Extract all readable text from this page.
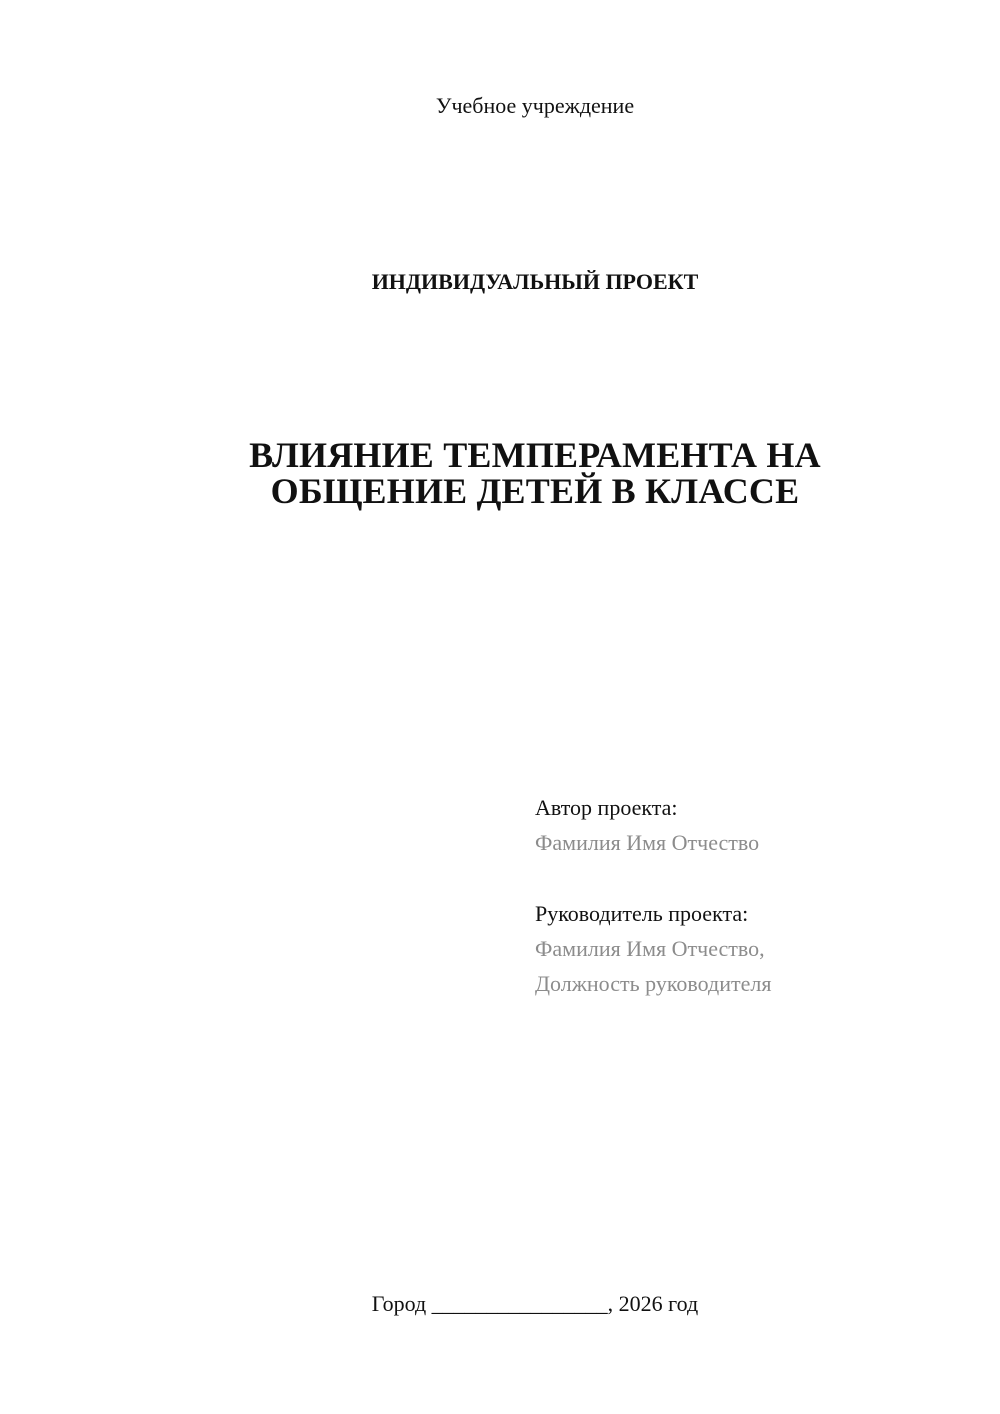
Учебное учреждение
ИНДИВИДУАЛЬНЫЙ ПРОЕКТ
ВЛИЯНИЕ ТЕМПЕРАМЕНТА НА
ОБЩЕНИЕ ДЕТЕЙ В КЛАССЕ
Автор проекта:
Фамилия Имя Отчество
Руководитель проекта:
Фамилия Имя Отчество,
Должность руководителя
Город ________________, 2026 год
